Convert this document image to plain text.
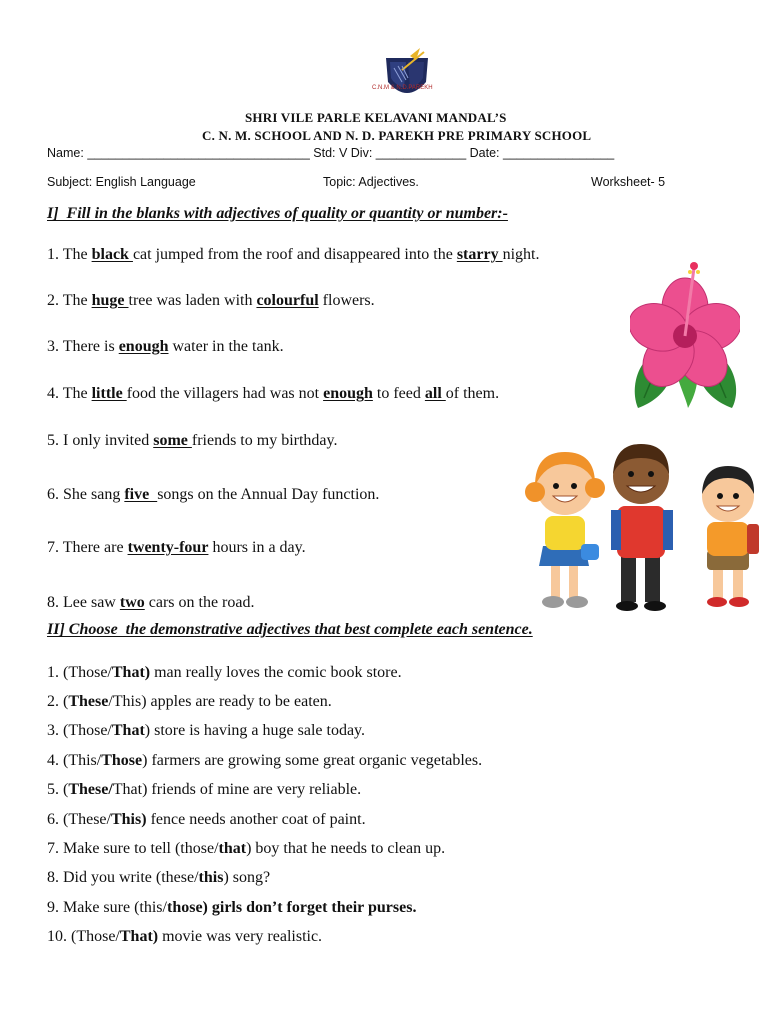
C.N.M & N.D.PAREKH

SHRI VILE PARLE KELAVANI MANDAL’S
C. N. M. SCHOOL AND N. D. PAREKH PRE PRIMARY SCHOOL
Name: ________________________________ Std: V Div: _____________ Date: ________________
Subject: English Language	Topic: Adjectives.	Worksheet- 5
I]  Fill in the blanks with adjectives of quality or quantity or number:-
II] Choose  the demonstrative adjectives that best complete each sentence.
1. The black cat jumped from the roof and disappeared into the starry night.
2. The huge tree was laden with colourful flowers.
3. There is enough water in the tank.
4. The little food the villagers had was not enough to feed all of them.
5. I only invited some friends to my birthday.
6. She sang five  songs on the Annual Day function.
7. There are twenty-four hours in a day.
8. Lee saw two cars on the road.
1. (Those/That) man really loves the comic book store.
2. (These/This) apples are ready to be eaten.
3. (Those/That) store is having a huge sale today.
4. (This/Those) farmers are growing some great organic vegetables.
5. (These/That) friends of mine are very reliable.
6. (These/This) fence needs another coat of paint.
7. Make sure to tell (those/that) boy that he needs to clean up.
8. Did you write (these/this) song?
9. Make sure (this/those) girls don’t forget their purses.
10. (Those/That) movie was very realistic.
